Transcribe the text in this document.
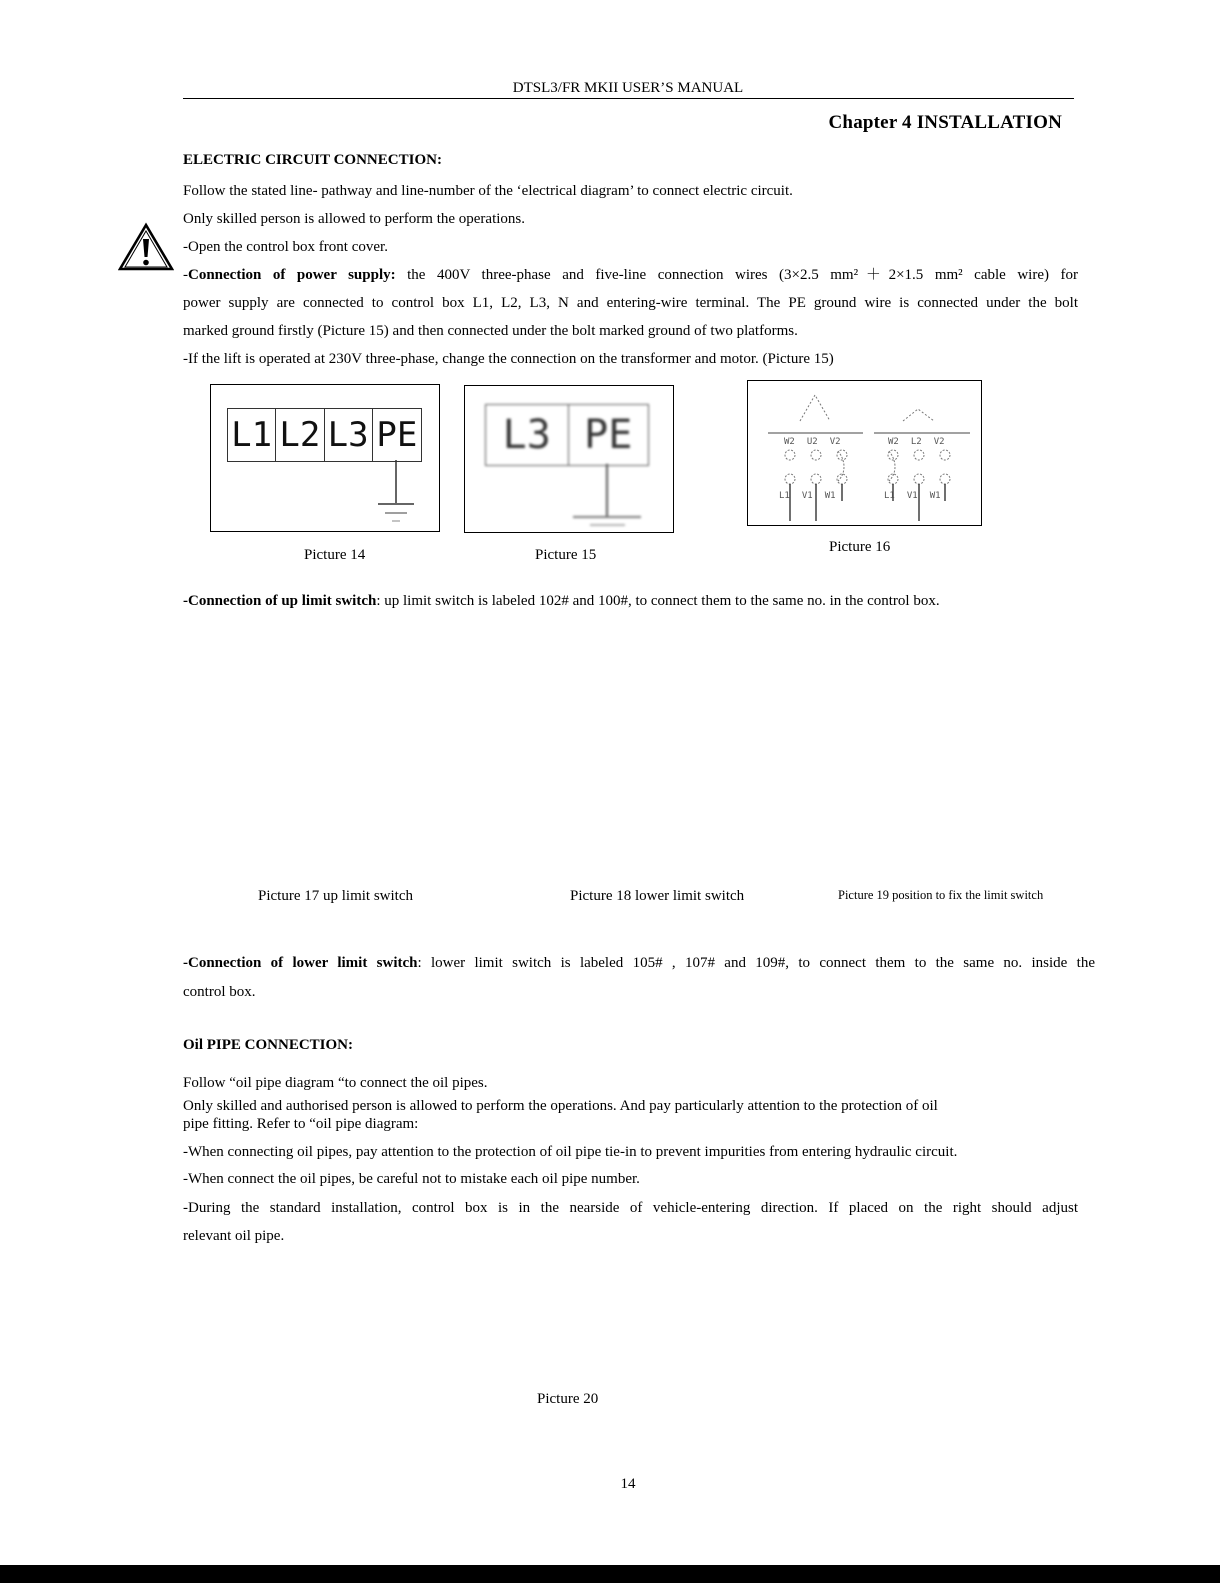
DTSL3/FR MKII USER’S MANUAL
Chapter 4 INSTALLATION
ELECTRIC CIRCUIT CONNECTION:
Follow the stated line- pathway and line-number of the ‘electrical diagram’ to connect electric circuit.
Only skilled person is allowed to perform the operations.
-Open the control box front cover.
-Connection of power supply: the 400V three-phase and five-line connection wires (3×2.5 mm²＋2×1.5 mm² cable wire) for
power supply are connected to control box L1, L2, L3, N and entering-wire terminal. The PE ground wire is connected under the bolt
marked ground firstly (Picture 15) and then connected under the bolt marked ground of two platforms.
-If the lift is operated at 230V three-phase, change the connection on the transformer and motor. (Picture 15)
L1 L2 L3 PE
Picture 14
L3 PE
Picture 15
W2 U2 V2
L1 V1 W1
W2 L2 V2
L1 V1 W1
Picture 16
-Connection of up limit switch: up limit switch is labeled 102# and 100#, to connect them to the same no. in the control box.
Picture 17 up limit switch	Picture 18 lower limit switch	Picture 19 position to fix the limit switch
-Connection of lower limit switch: lower limit switch is labeled 105# , 107# and 109#, to connect them to the same no. inside the
control box.
Oil PIPE CONNECTION:
Follow “oil pipe diagram “to connect the oil pipes.
Only skilled and authorised person is allowed to perform the operations. And pay particularly attention to the protection of oil
pipe fitting. Refer to “oil pipe diagram:
-When connecting oil pipes, pay attention to the protection of oil pipe tie-in to prevent impurities from entering hydraulic circuit.
-When connect the oil pipes, be careful not to mistake each oil pipe number.
-During the standard installation, control box is in the nearside of vehicle-entering direction. If placed on the right should adjust
relevant oil pipe.
Picture 20
14
